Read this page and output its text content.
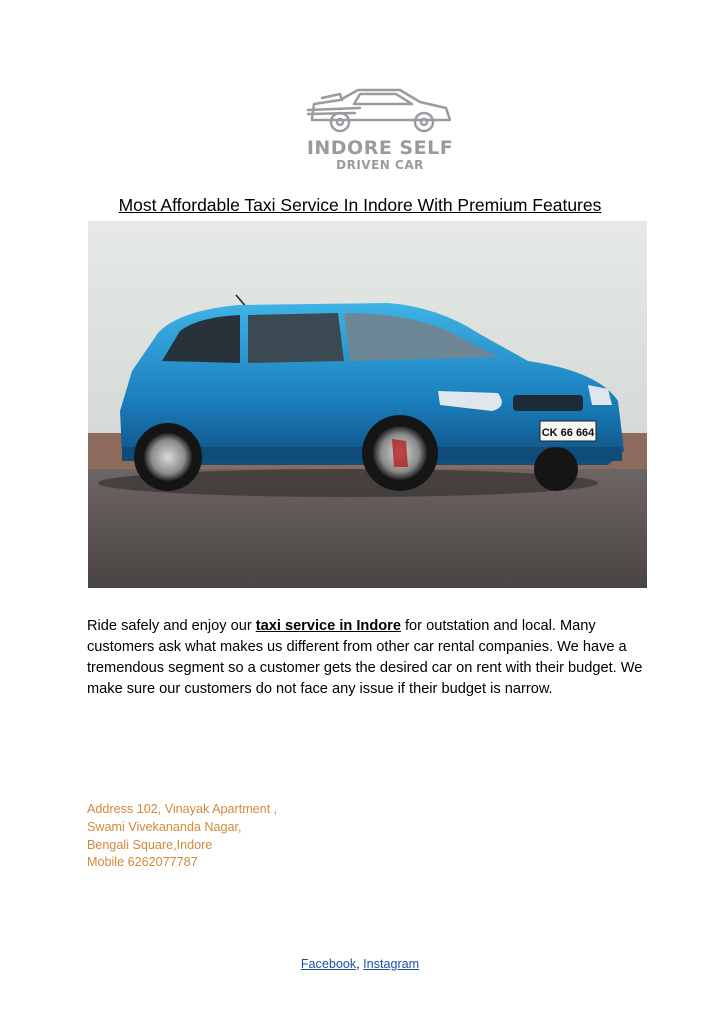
INDORE SELF
DRIVEN CAR
Most Affordable Taxi Service In Indore With Premium Features
CK 66 664
Ride safely and enjoy our taxi service in Indore for outstation and local. Many customers ask what makes us different from other car rental companies. We have a tremendous segment so a customer gets the desired car on rent with their budget. We make sure our customers do not face any issue if their budget is narrow.
Address 102, Vinayak Apartment ,
Swami Vivekananda Nagar,
Bengali Square,Indore
Mobile 6262077787
Facebook, Instagram
